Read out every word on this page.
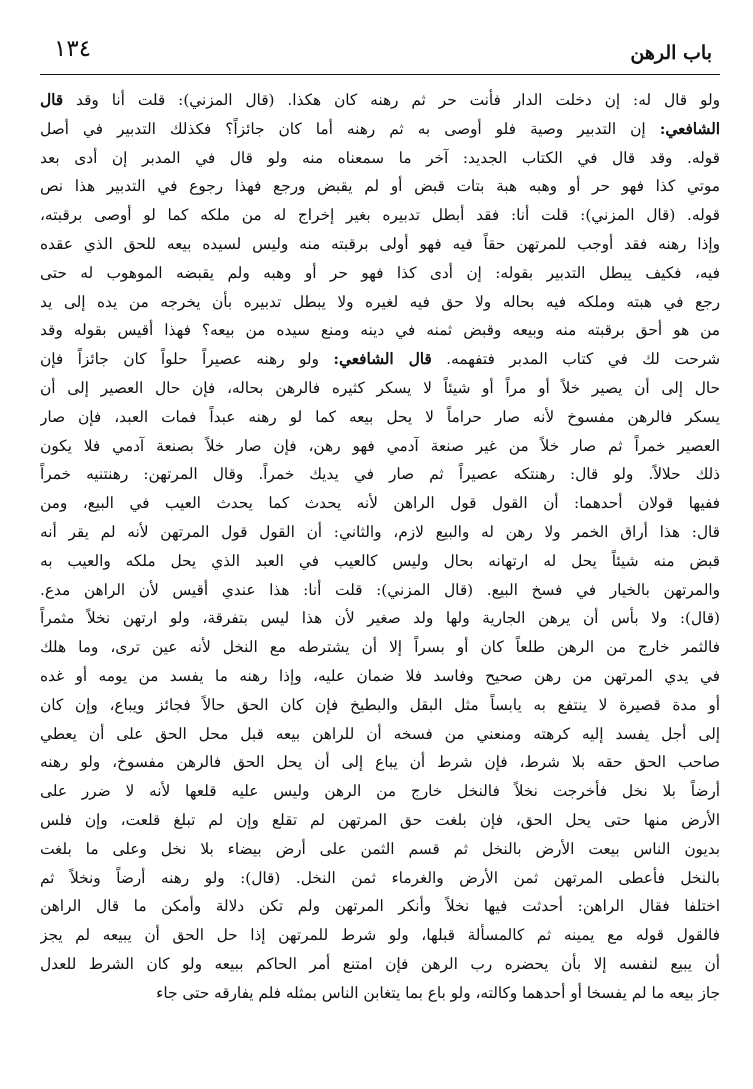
باب الرهن
١٣٤
ولو قال له: إن دخلت الدار فأنت حر ثم رهنه كان هكذا. (قال المزني): قلت أنا وقد قال
الشافعي: إن التدبير وصية فلو أوصى به ثم رهنه أما كان جائزاً؟ فكذلك التدبير في أصل
قوله. وقد قال في الكتاب الجديد: آخر ما سمعناه منه ولو قال في المدبر إن أدى بعد
موتي كذا فهو حر أو وهبه هبة بتات قبض أو لم يقبض ورجع فهذا رجوع في التدبير هذا نص
قوله. (قال المزني): قلت أنا: فقد أبطل تدبيره بغير إخراج له من ملكه كما لو أوصى برقبته،
وإذا رهنه فقد أوجب للمرتهن حقاً فيه فهو أولى برقبته منه وليس لسيده بيعه للحق الذي عقده
فيه، فكيف يبطل التدبير بقوله: إن أدى كذا فهو حر أو وهبه ولم يقبضه الموهوب له حتى
رجع في هبته وملكه فيه بحاله ولا حق فيه لغيره ولا يبطل تدبيره بأن يخرجه من يده إلى يد
من هو أحق برقبته منه وبيعه وقبض ثمنه في دينه ومنع سيده من بيعه؟ فهذا أقيس بقوله وقد
شرحت لك في كتاب المدبر فتفهمه. قال الشافعي: ولو رهنه عصيراً حلواً كان جائزاً فإن
حال إلى أن يصير خلاً أو مراً أو شيئاً لا يسكر كثيره فالرهن بحاله، فإن حال العصير إلى أن
يسكر فالرهن مفسوخ لأنه صار حراماً لا يحل بيعه كما لو رهنه عبداً فمات العبد، فإن صار
العصير خمراً ثم صار خلاً من غير صنعة آدمي فهو رهن، فإن صار خلاً بصنعة آدمي فلا يكون
ذلك حلالاً. ولو قال: رهنتكه عصيراً ثم صار في يديك خمراً. وقال المرتهن: رهنتنيه خمراً
ففيها قولان أحدهما: أن القول قول الراهن لأنه يحدث كما يحدث العيب في البيع، ومن
قال: هذا أراق الخمر ولا رهن له والبيع لازم، والثاني: أن القول قول المرتهن لأنه لم يقر أنه
قبض منه شيئاً يحل له ارتهانه بحال وليس كالعيب في العبد الذي يحل ملكه والعيب به
والمرتهن بالخيار في فسخ البيع. (قال المزني): قلت أنا: هذا عندي أقيس لأن الراهن مدع.
(قال): ولا بأس أن يرهن الجارية ولها ولد صغير لأن هذا ليس بتفرقة، ولو ارتهن نخلاً مثمراً
فالثمر خارج من الرهن طلعاً كان أو بسراً إلا أن يشترطه مع النخل لأنه عين ترى، وما هلك
في يدي المرتهن من رهن صحيح وفاسد فلا ضمان عليه، وإذا رهنه ما يفسد من يومه أو غده
أو مدة قصيرة لا ينتفع به يابساً مثل البقل والبطيخ فإن كان الحق حالاً فجائز ويباع، وإن كان
إلى أجل يفسد إليه كرهته ومنعني من فسخه أن للراهن بيعه قبل محل الحق على أن يعطي
صاحب الحق حقه بلا شرط، فإن شرط أن يباع إلى أن يحل الحق فالرهن مفسوخ، ولو رهنه
أرضاً بلا نخل فأخرجت نخلاً فالنخل خارج من الرهن وليس عليه قلعها لأنه لا ضرر على
الأرض منها حتى يحل الحق، فإن بلغت حق المرتهن لم تقلع وإن لم تبلغ قلعت، وإن فلس
بديون الناس بيعت الأرض بالنخل ثم قسم الثمن على أرض بيضاء بلا نخل وعلى ما بلغت
بالنخل فأعطى المرتهن ثمن الأرض والغرماء ثمن النخل. (قال): ولو رهنه أرضاً ونخلاً ثم
اختلفا فقال الراهن: أحدثت فيها نخلاً وأنكر المرتهن ولم تكن دلالة وأمكن ما قال الراهن
فالقول قوله مع يمينه ثم كالمسألة قبلها، ولو شرط للمرتهن إذا حل الحق أن يبيعه لم يجز
أن يبيع لنفسه إلا بأن يحضره رب الرهن فإن امتنع أمر الحاكم ببيعه ولو كان الشرط للعدل
جاز بيعه ما لم يفسخا أو أحدهما وكالته، ولو باع بما يتغابن الناس بمثله فلم يفارقه حتى جاء
